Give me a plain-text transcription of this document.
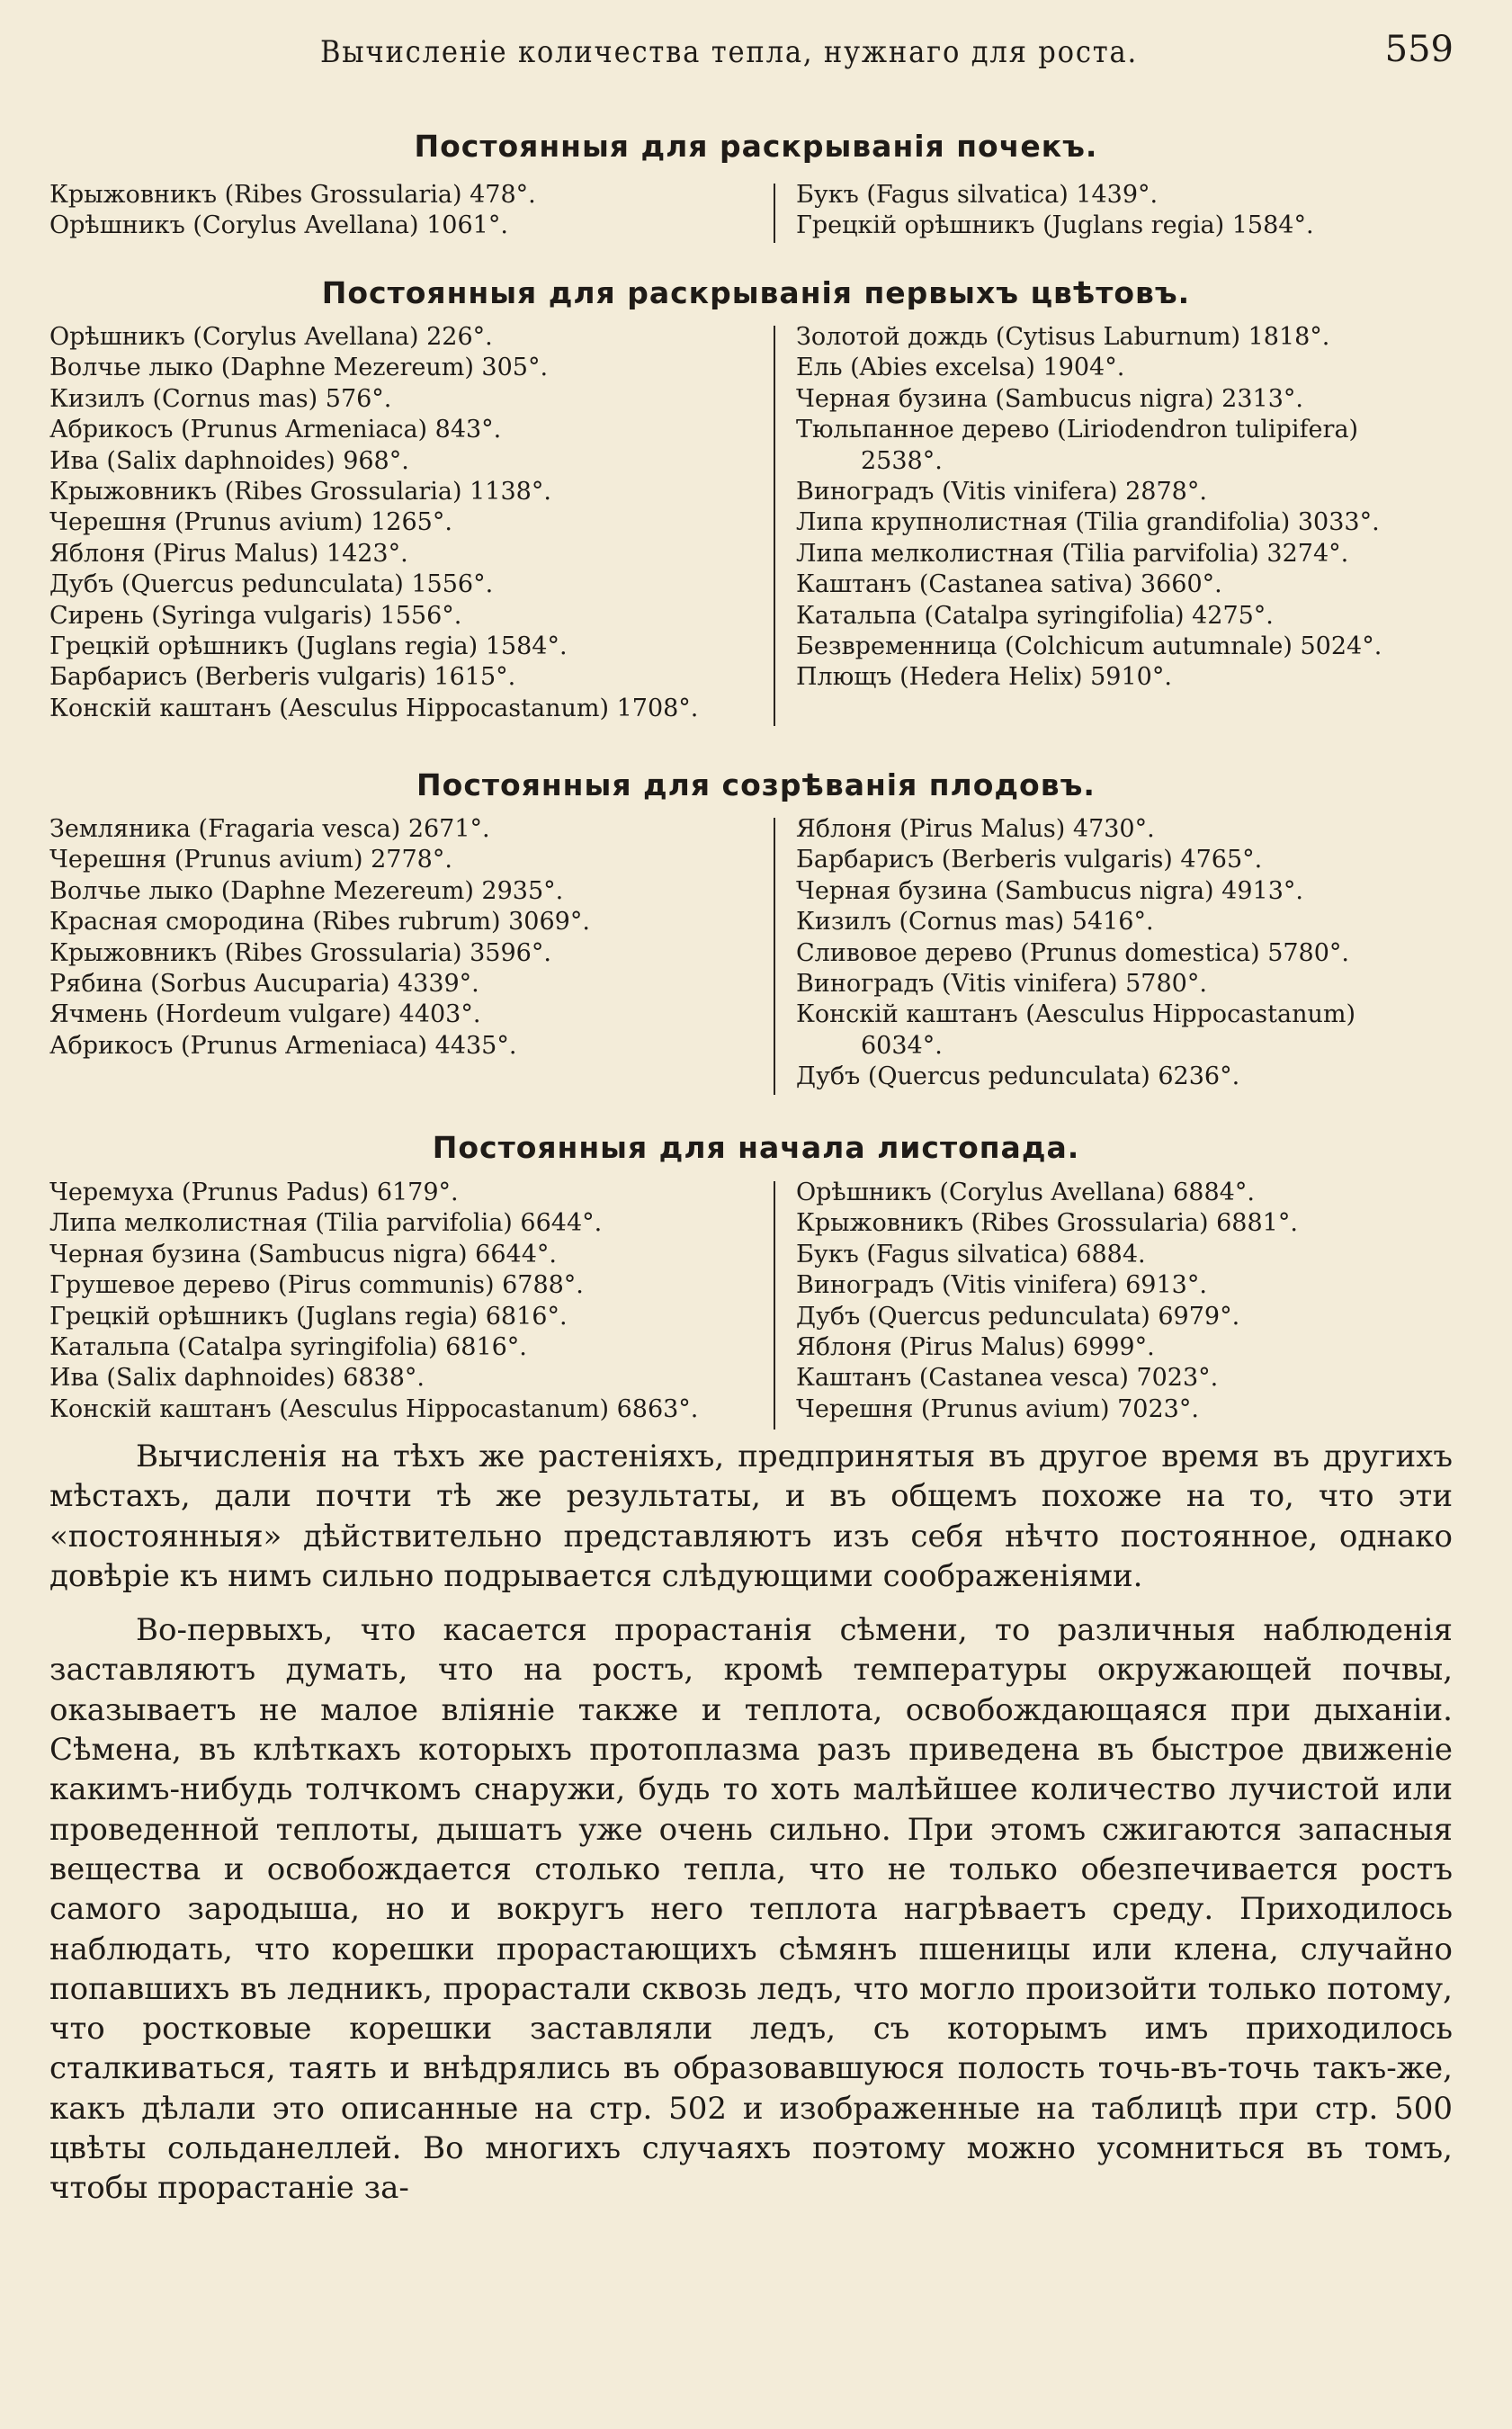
Вычисленіе количества тепла, нужнаго для роста.	559
Постоянныя для раскрыванія почекъ.
Крыжовникъ (Ribes Grossularia) 478°.
Орѣшникъ (Corylus Avellana) 1061°.
Букъ (Fagus silvatica) 1439°.
Грецкій орѣшникъ (Juglans regia) 1584°.
Постоянныя для раскрыванія первыхъ цвѣтовъ.
Орѣшникъ (Corylus Avellana) 226°.
Волчье лыко (Daphne Mezereum) 305°.
Кизилъ (Cornus mas) 576°.
Абрикосъ (Prunus Armeniaca) 843°.
Ива (Salix daphnoides) 968°.
Крыжовникъ (Ribes Grossularia) 1138°.
Черешня (Prunus avium) 1265°.
Яблоня (Pirus Malus) 1423°.
Дубъ (Quercus pedunculata) 1556°.
Сирень (Syringa vulgaris) 1556°.
Грецкій орѣшникъ (Juglans regia) 1584°.
Барбарисъ (Berberis vulgaris) 1615°.
Конскій каштанъ (Aesculus Hippocastanum) 1708°.
Золотой дождь (Cytisus Laburnum) 1818°.
Ель (Abies excelsa) 1904°.
Черная бузина (Sambucus nigra) 2313°.
Тюльпанное дерево (Liriodendron tulipifera)
2538°.
Виноградъ (Vitis vinifera) 2878°.
Липа крупнолистная (Tilia grandifolia) 3033°.
Липа мелколистная (Tilia parvifolia) 3274°.
Каштанъ (Castanea sativa) 3660°.
Катальпа (Catalpa syringifolia) 4275°.
Безвременница (Colchicum autumnale) 5024°.
Плющъ (Hedera Helix) 5910°.
Постоянныя для созрѣванія плодовъ.
Земляника (Fragaria vesca) 2671°.
Черешня (Prunus avium) 2778°.
Волчье лыко (Daphne Mezereum) 2935°.
Красная смородина (Ribes rubrum) 3069°.
Крыжовникъ (Ribes Grossularia) 3596°.
Рябина (Sorbus Aucuparia) 4339°.
Ячмень (Hordeum vulgare) 4403°.
Абрикосъ (Prunus Armeniaca) 4435°.
Яблоня (Pirus Malus) 4730°.
Барбарисъ (Berberis vulgaris) 4765°.
Черная бузина (Sambucus nigra) 4913°.
Кизилъ (Cornus mas) 5416°.
Сливовое дерево (Prunus domestica) 5780°.
Виноградъ (Vitis vinifera) 5780°.
Конскій каштанъ (Aesculus Hippocastanum)
6034°.
Дубъ (Quercus pedunculata) 6236°.
Постоянныя для начала листопада.
Черемуха (Prunus Padus) 6179°.
Липа мелколистная (Tilia parvifolia) 6644°.
Черная бузина (Sambucus nigra) 6644°.
Грушевое дерево (Pirus communis) 6788°.
Грецкій орѣшникъ (Juglans regia) 6816°.
Катальпа (Catalpa syringifolia) 6816°.
Ива (Salix daphnoides) 6838°.
Конскій каштанъ (Aesculus Hippocastanum) 6863°.
Орѣшникъ (Corylus Avellana) 6884°.
Крыжовникъ (Ribes Grossularia) 6881°.
Букъ (Fagus silvatica) 6884.
Виноградъ (Vitis vinifera) 6913°.
Дубъ (Quercus pedunculata) 6979°.
Яблоня (Pirus Malus) 6999°.
Каштанъ (Castanea vesca) 7023°.
Черешня (Prunus avium) 7023°.

Вычисленія на тѣхъ же растеніяхъ, предпринятыя въ другое время въ другихъ мѣстахъ, дали почти тѣ же результаты, и въ общемъ похоже на то, что эти «постоянныя» дѣйствительно представляютъ изъ себя нѣчто постоянное, однако довѣріе къ нимъ сильно подрывается слѣдующими соображеніями.

Во-первыхъ, что касается прорастанія сѣмени, то различныя наблюденія заставляютъ думать, что на ростъ, кромѣ температуры окружающей почвы, оказываетъ не малое вліяніе также и теплота, освобождающаяся при дыханіи. Сѣмена, въ клѣткахъ которыхъ протоплазма разъ приведена въ быстрое движеніе какимъ-нибудь толчкомъ снаружи, будь то хоть малѣйшее количество лучистой или проведенной теплоты, дышатъ уже очень сильно. При этомъ сжигаются запасныя вещества и освобождается столько тепла, что не только обезпечивается ростъ самого зародыша, но и вокругъ него теплота нагрѣваетъ среду. Приходилось наблюдать, что корешки прорастающихъ сѣмянъ пшеницы или клена, случайно попавшихъ въ ледникъ, прорастали сквозь ледъ, что могло произойти только потому, что ростковые корешки заставляли ледъ, съ которымъ имъ приходилось сталкиваться, таять и внѣдрялись въ образовавшуюся полость точь-въ-точь такъ-же, какъ дѣлали это описанные на стр. 502 и изображенные на таблицѣ при стр. 500 цвѣты сольданеллей. Во многихъ случаяхъ поэтому можно усомниться въ томъ, чтобы прорастаніе за-
